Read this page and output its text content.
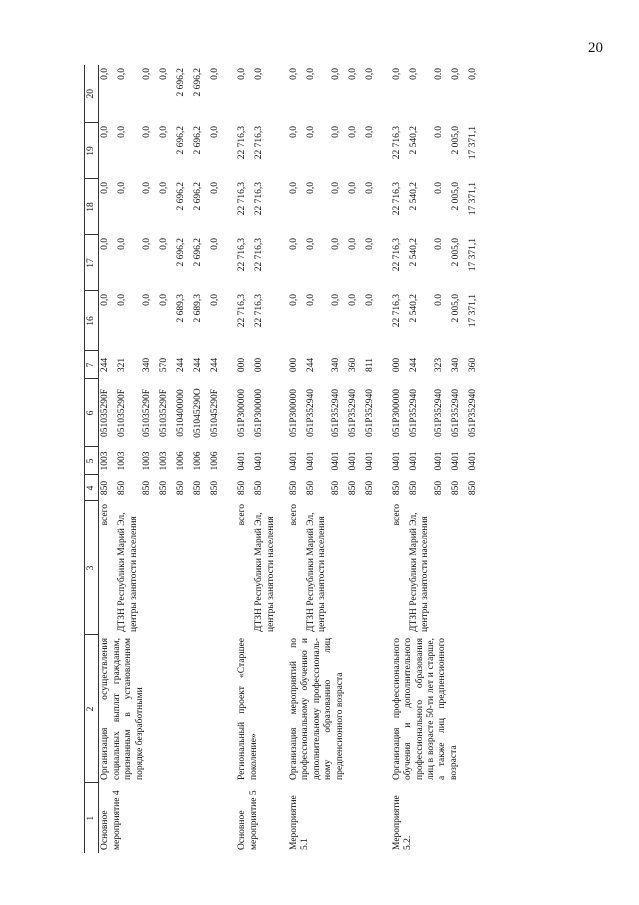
20
1	2	3	4	5	6	7	16	17	18	19	20
Основное мероприятие 4	Организация осуществления социальных выплат гражданам, признанным в установленном порядке безработными	всего	850	1003	051035290F	244	0,0	0,0	0,0	0,0	0,0
		ДТЗН Республики Марий Эл, центры занятости населения	850	1003	051035290F	321	0,0	0,0	0,0	0,0	0,0
			850	1003	051035290F	340	0,0	0,0	0,0	0,0	0,0
			850	1003	051035290F	570	0,0	0,0	0,0	0,0	0,0
			850	1006	0510400000	244	2 689,3	2 696,2	2 696,2	2 696,2	2 696,2
			850	1006	051045290O	244	2 689,3	2 696,2	2 696,2	2 696,2	2 696,2
			850	1006	051045290F	244	0,0	0,0	0,0	0,0	0,0

Основное мероприятие 5	Региональный проект «Старшее поколение»	всего	850	0401	051P300000	000	22 716,3	22 716,3	22 716,3	22 716,3	0,0
		ДТЗН Республики Марий Эл, центры занятости населения	850	0401	051P300000	000	22 716,3	22 716,3	22 716,3	22 716,3	0,0

Мероприятие 5.1	Организация мероприятий по профессиональному обучению и дополнительному профессиональ-ному образованию лиц предпенсионного возраста	всего	850	0401	051P300000	000	0,0	0,0	0,0	0,0	0,0
		ДТЗН Республики Марий Эл, центры занятости населения	850	0401	051P352940	244	0,0	0,0	0,0	0,0	0,0
			850	0401	051P352940	340	0,0	0,0	0,0	0,0	0,0
			850	0401	051P352940	360	0,0	0,0	0,0	0,0	0,0
			850	0401	051P352940	811	0,0	0,0	0,0	0,0	0,0

Мероприятие 5.2.	Организация профессионального обучения и дополнительного профессионального образования лиц в возрасте 50-ти лет и старше, а также лиц предпенсионного возраста	всего	850	0401	051P300000	000	22 716,3	22 716,3	22 716,3	22 716,3	0,0
		ДТЗН Республики Марий Эл, центры занятости населения	850	0401	051P352940	244	2 540,2	2 540,2	2 540,2	2 540,2	0,0
			850	0401	051P352940	323	0.0	0.0	0.0	0.0	0.0
			850	0401	051P352940	340	2 005,0	2 005,0	2 005,0	2 005,0	0,0
			850	0401	051P352940	360	17 371,1	17 371,1	17 371,1	17 371,1	0,0
